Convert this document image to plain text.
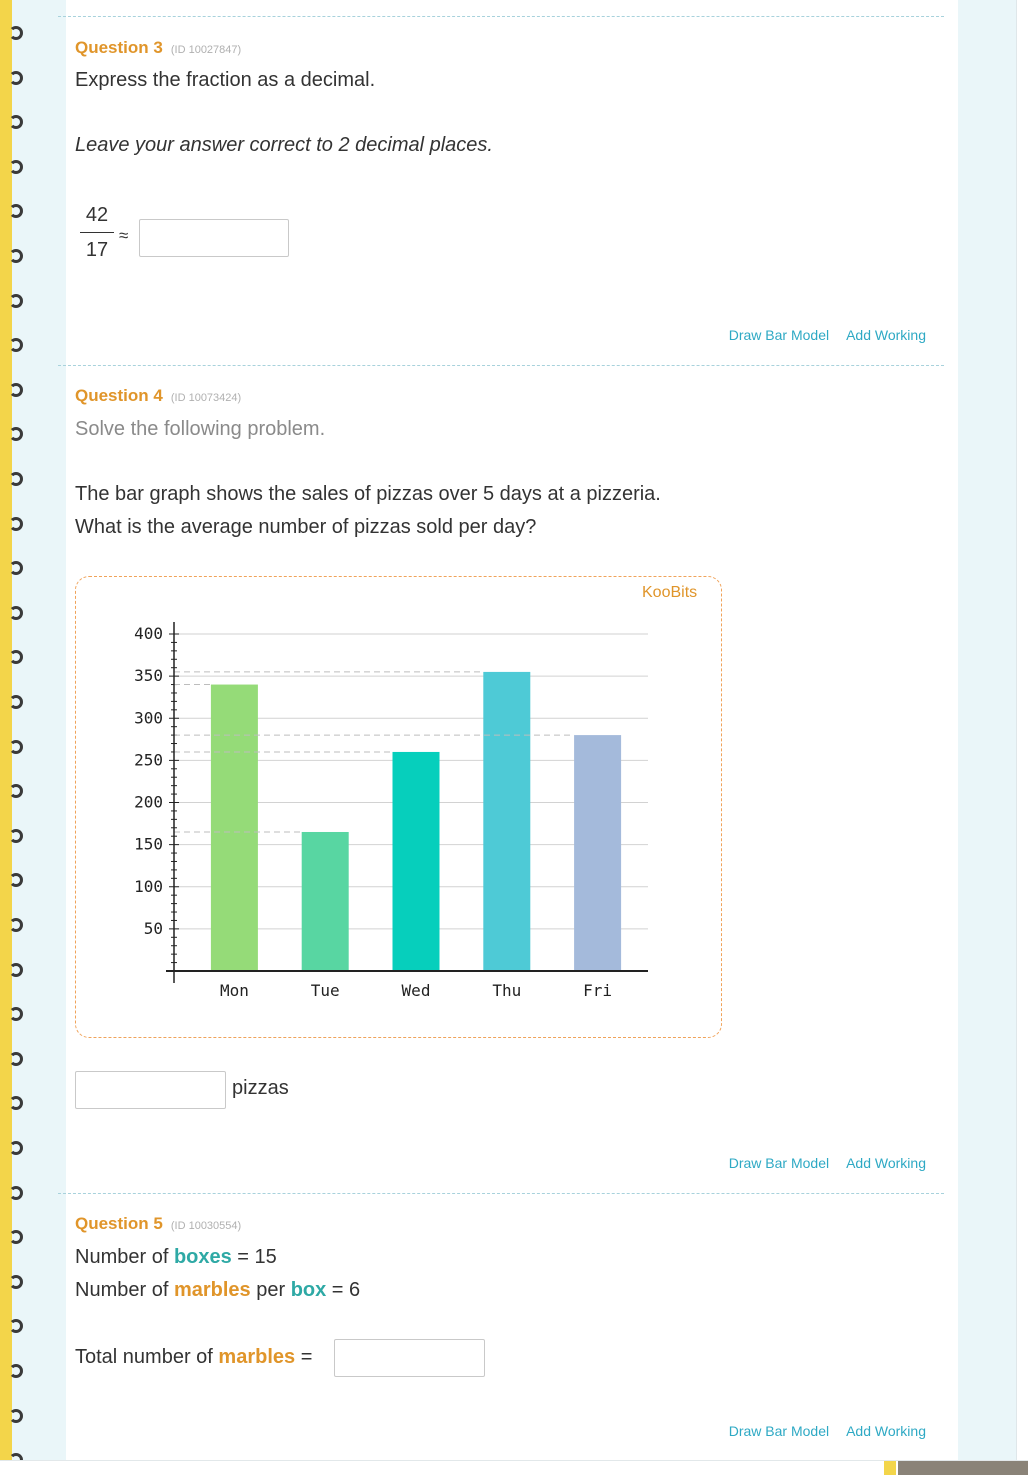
Question 3 (ID 10027847)
Express the fraction as a decimal.
Leave your answer correct to 2 decimal places.
42
17
≈
Draw Bar Model Add Working
Question 4 (ID 10073424)
Solve the following problem.
The bar graph shows the sales of pizzas over 5 days at a pizzeria.
What is the average number of pizzas sold per day?
KooBits
50
100
150
200
250
300
350
400
Mon	Tue	Wed	Thu	Fri
pizzas
Draw Bar Model Add Working
Question 5 (ID 10030554)
Number of boxes = 15
Number of marbles per box = 6
Total number of marbles =
Draw Bar Model Add Working
